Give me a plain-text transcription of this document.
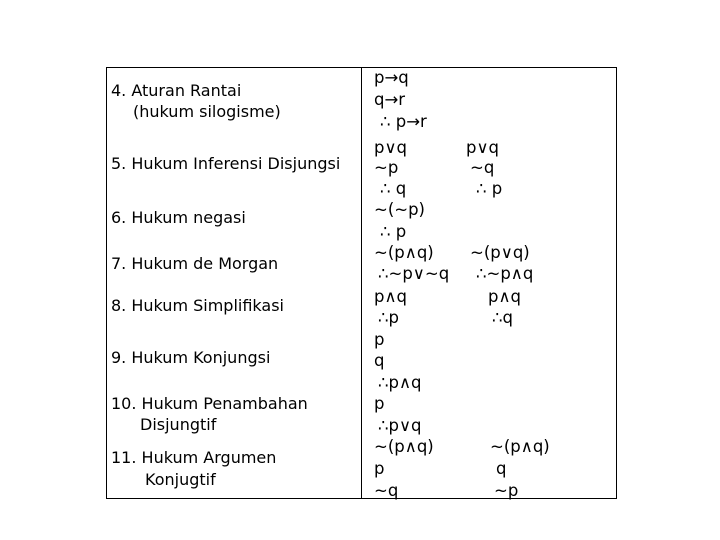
4. Aturan Rantai
(hukum silogisme)
5. Hukum Inferensi Disjungsi
6. Hukum negasi
7. Hukum de Morgan
8. Hukum Simplifikasi
9. Hukum Konjungsi
10. Hukum Penambahan
Disjungtif
11. Hukum Argumen
Konjugtif
p→q
q→r
∴ p→r
p∨q
~p
∴ q
p∨q
~q
∴ p
~(~p)
∴ p
~(p∧q)
∴~p∨~q
~(p∨q)
∴~p∧q
p∧q
∴p
p∧q
∴q
p
q
∴p∧q
p
∴p∨q
~(p∧q)
p
~q
~(p∧q)
q
~p
